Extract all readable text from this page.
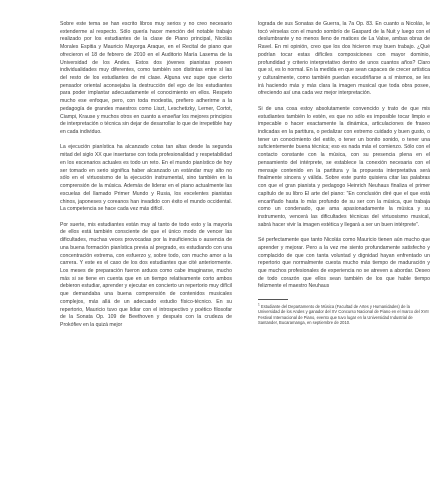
Sobre este tema se han escrito libros muy serios y no creo necesario extenderme al respecto. Sólo quería hacer mención del notable trabajo realizado por los estudiantes de la clase de Piano principal, Nicolás Morales Espitia y Mauricio Mayorga Araque, en el Recital de piano que ofrecieron el 18 de febrero de 2010 en el Auditorio María Lasema de la Universidad de los Andes. Estos dos jóvenes pianistas poseen individualidades muy diferentes, como también son distintas entre sí las del resto de los estudiantes de mi clase. Alguna vez supe que cierto pensador oriental aconsejaba la destrucción del ego de los estudiantes para poder implantar adecuadamente el conocimiento en ellos. Respeto mucho ese enfoque, pero, con toda modestia, prefiero adherirme a la pedagogía de grandes maestros como Liszt, Leschetizky, Lerner, Cortot, Ciampi, Krause y muchos otros en cuanto a enseñar los mejores principios de interpretación o técnica sin dejar de desarrollar lo que de irrepetible hay en cada individuo.

La ejecución pianística ha alcanzado cotas tan altas desde la segunda mitad del siglo XX que insertarse con toda profesionalidad y respetabilidad en los escenarios actuales es todo un reto. En el mundo pianístico de hoy ser tomado en serio significa haber alcanzado un estándar muy alto no sólo en el virtuosismo de la ejecución instrumental, sino también en la comprensión de la música. Además de liderar en el piano actualmente las escuelas del llamado Primer Mundo y Rusia, los excelentes pianistas chinos, japoneses y coreanos han invadido con éxito el mundo occidental. La competencia se hace cada vez más difícil.

Por suerte, mis estudiantes están muy al tanto de todo esto y la mayoría de ellos está también consciente de que el único modo de vencer las dificultades, muchas veces provocadas por la insuficiencia o ausencia de una buena formación pianística previa al pregrado, es estudiando con una concentración extrema, con esfuerzo y, sobre todo, con mucho amor a la carrera. Y este es el caso de los dos estudiantes que cité anteriormente. Los meses de preparación fueron arduos como cabe imaginarse, mucho más si se tiene en cuenta que en un tiempo relativamente corto ambos debieron estudiar, aprender y ejecutar en concierto un repertorio muy difícil que demandaba una buena comprensión de contenidos musicales complejos, más allá de un adecuado estudio físico-técnico. En su repertorio, Mauricio tuvo que lidiar con el introspectivo y poético filosofar de la Sonata Op. 109 de Beethoven y después con la crudeza de Prokófiev en la quizá mejor

lograda de sus Sonatas de Guerra, la 7a Op. 83. En cuanto a Nicolás, le tocó vérselas con el mundo sombrío de Gaspard de la Nuit y luego con el deslumbrante y no menos lleno de matices de La Valse, ambas obras de Ravel. En mi opinión, creo que los dos hicieron muy buen trabajo. ¿Qué podrían tocar estas difíciles composiciones con mayor dominio, profundidad y criterio interpretativo dentro de unos cuantos años? Claro que sí, es lo normal. En la medida en que sean capaces de crecer artística y culturalmente, como también puedan escudriñarse a sí mismos, se les irá haciendo más y más clara la imagen musical que toda obra posee, ofreciendo así una cada vez mejor interpretación.

Si de una cosa estoy absolutamente convencido y trato de que mis estudiantes también lo estén, es que no sólo es imposible tocar limpio e impecable o hacer exactamente la dinámica, articulaciones de fraseo indicadas en la partitura, o pedalizar con extremo cuidado y buen gusto, o tener un conocimiento del estilo, o tener un bonito sonido, o tener una suficientemente buena técnica; eso es nada más el comienzo. Sólo con el contacto constante con la música, con su presencia plena en el pensamiento del intérprete, se establece la conexión necesaria con el mensaje contenido en la partitura y la propuesta interpretativa será finalmente sincera y válida. Sobre este punto quisiera citar las palabras con que el gran pianista y pedagogo Heinrich Neuhaus finaliza el primer capítulo de su libro El arte del piano: “En conclusión diré que el que está encariñado hasta lo más profundo de su ser con la música, que trabaja como un condenado, que ama apasionadamente la música y su instrumento, vencerá las dificultades técnicas del virtuosismo musical, sabrá hacer vivir la imagen estética y llegará a ser un buen intérprete”.

Sé perfectamente que tanto Nicolás como Mauricio tienen aún mucho que aprender y mejorar. Pero a la vez me siento profundamente satisfecho y complacido de que con tanta voluntad y dignidad hayan enfrentado un repertorio que normalmente cuesta mucho más tiempo de maduración y que muchos profesionales de experiencia no se atreven a abordar. Deseo de todo corazón que ellos sean también de los que hable tiempo felizmente el maestro Neuhaus

$^1$ Estudiante del Departamento de Música (Facultad de Artes y Humanidades) de la Universidad de los Andes y ganador del XV Concurso Nacional de Piano en el marco del XVII Festival Internacional de Piano, evento que tuvo lugar en la Universidad Industrial de Santander, Bucaramanga, en septiembre de 2010.
